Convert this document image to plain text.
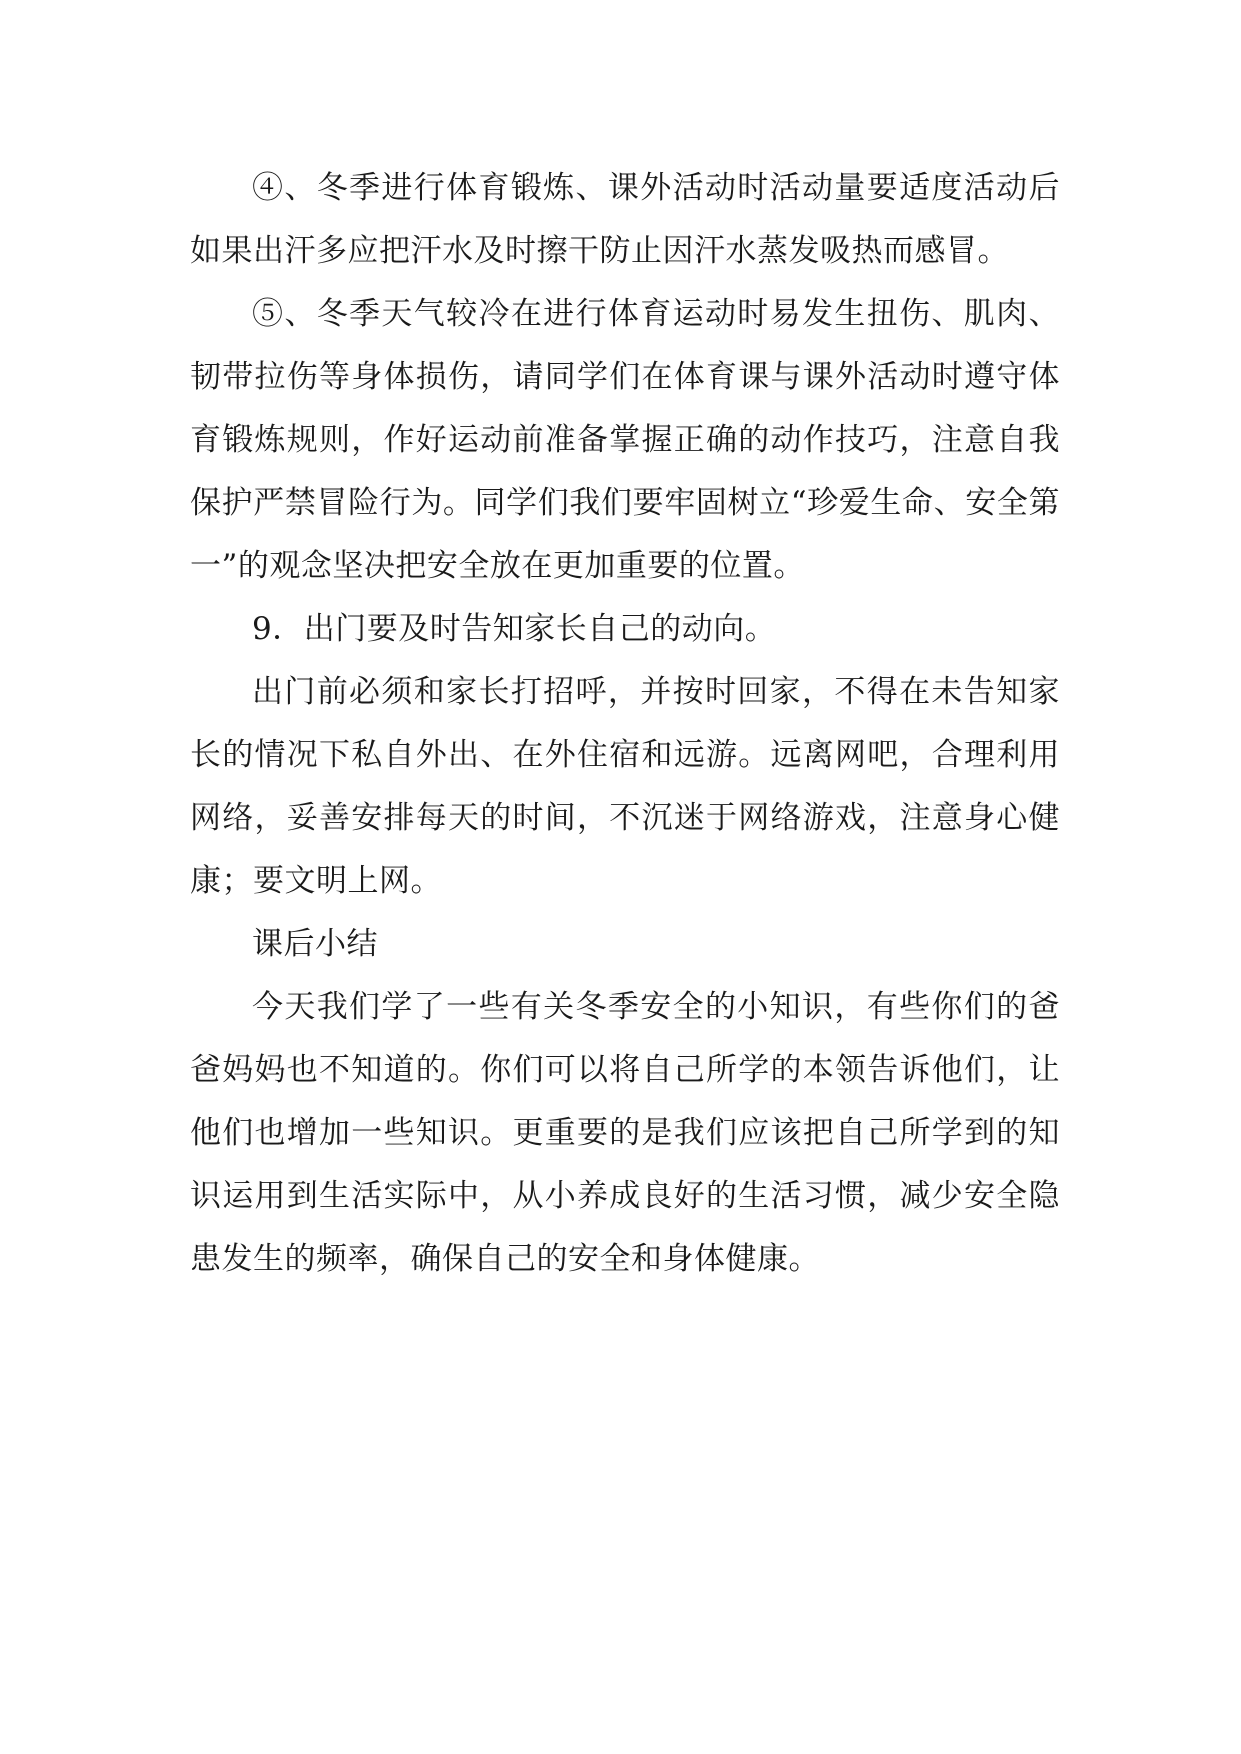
④、冬季进行体育锻炼、课外活动时活动量要适度活动后如果出汗多应把汗水及时擦干防止因汗水蒸发吸热而感冒。

⑤、冬季天气较冷在进行体育运动时易发生扭伤、肌肉、韧带拉伤等身体损伤，请同学们在体育课与课外活动时遵守体育锻炼规则，作好运动前准备掌握正确的动作技巧，注意自我保护严禁冒险行为。同学们我们要牢固树立“珍爱生命、安全第一”的观念坚决把安全放在更加重要的位置。

9．出门要及时告知家长自己的动向。

出门前必须和家长打招呼，并按时回家，不得在未告知家长的情况下私自外出、在外住宿和远游。远离网吧，合理利用网络，妥善安排每天的时间，不沉迷于网络游戏，注意身心健康；要文明上网。

课后小结

今天我们学了一些有关冬季安全的小知识，有些你们的爸爸妈妈也不知道的。你们可以将自己所学的本领告诉他们，让他们也增加一些知识。更重要的是我们应该把自己所学到的知识运用到生活实际中，从小养成良好的生活习惯，减少安全隐患发生的频率，确保自己的安全和身体健康。
